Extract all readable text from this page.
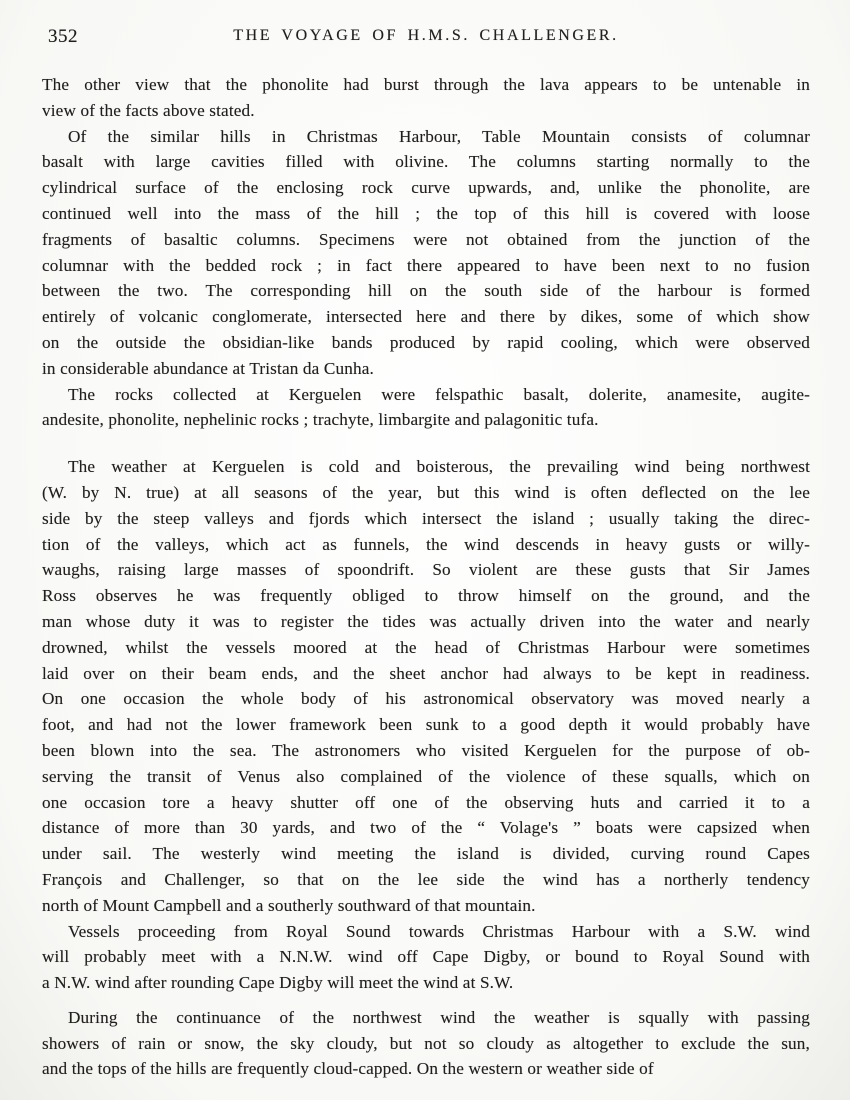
352	THE VOYAGE OF H.M.S. CHALLENGER.
The other view that the phonolite had burst through the lava appears to be untenable in
view of the facts above stated.
Of the similar hills in Christmas Harbour, Table Mountain consists of columnar
basalt with large cavities filled with olivine. The columns starting normally to the
cylindrical surface of the enclosing rock curve upwards, and, unlike the phonolite, are
continued well into the mass of the hill ; the top of this hill is covered with loose
fragments of basaltic columns. Specimens were not obtained from the junction of the
columnar with the bedded rock ; in fact there appeared to have been next to no fusion
between the two. The corresponding hill on the south side of the harbour is formed
entirely of volcanic conglomerate, intersected here and there by dikes, some of which show
on the outside the obsidian-like bands produced by rapid cooling, which were observed
in considerable abundance at Tristan da Cunha.
The rocks collected at Kerguelen were felspathic basalt, dolerite, anamesite, augite-
andesite, phonolite, nephelinic rocks ; trachyte, limbargite and palagonitic tufa.
The weather at Kerguelen is cold and boisterous, the prevailing wind being northwest
(W. by N. true) at all seasons of the year, but this wind is often deflected on the lee
side by the steep valleys and fjords which intersect the island ; usually taking the direc-
tion of the valleys, which act as funnels, the wind descends in heavy gusts or willy-
waughs, raising large masses of spoondrift. So violent are these gusts that Sir James
Ross observes he was frequently obliged to throw himself on the ground, and the
man whose duty it was to register the tides was actually driven into the water and nearly
drowned, whilst the vessels moored at the head of Christmas Harbour were sometimes
laid over on their beam ends, and the sheet anchor had always to be kept in readiness.
On one occasion the whole body of his astronomical observatory was moved nearly a
foot, and had not the lower framework been sunk to a good depth it would probably have
been blown into the sea. The astronomers who visited Kerguelen for the purpose of ob-
serving the transit of Venus also complained of the violence of these squalls, which on
one occasion tore a heavy shutter off one of the observing huts and carried it to a
distance of more than 30 yards, and two of the “ Volage's ” boats were capsized when
under sail. The westerly wind meeting the island is divided, curving round Capes
François and Challenger, so that on the lee side the wind has a northerly tendency
north of Mount Campbell and a southerly southward of that mountain.
Vessels proceeding from Royal Sound towards Christmas Harbour with a S.W. wind
will probably meet with a N.N.W. wind off Cape Digby, or bound to Royal Sound with
a N.W. wind after rounding Cape Digby will meet the wind at S.W.
During the continuance of the northwest wind the weather is squally with passing
showers of rain or snow, the sky cloudy, but not so cloudy as altogether to exclude the sun,
and the tops of the hills are frequently cloud-capped. On the western or weather side of
